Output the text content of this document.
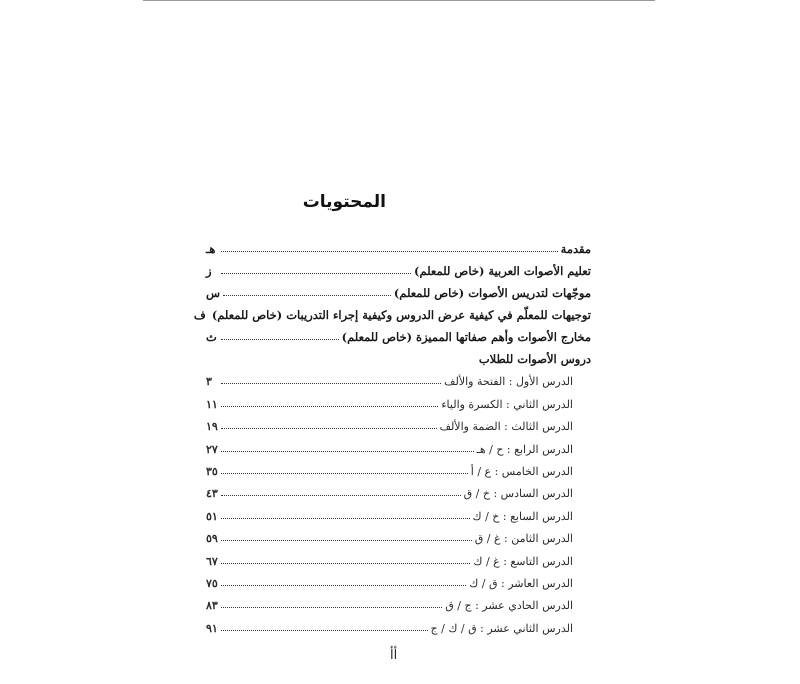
المحتويات
مقدمة
هـ
تعليم الأصوات العربية (خاص للمعلم)
ز
موجّهات لتدريس الأصوات (خاص للمعلم)
س
توجيهات للمعلّم في كيفية عرض الدروس وكيفية إجراء التدريبات (خاص للمعلم)
ف
مخارج الأصوات وأهم صفاتها المميزة (خاص للمعلم)
ث
دروس الأصوات للطلاب
الدرس الأول : الفتحة والألف
٣
الدرس الثاني : الكسرة والياء
١١
الدرس الثالث : الضمة والألف
١٩
الدرس الرابع : ح / هـ
٢٧
الدرس الخامس : ع / أ
٣٥
الدرس السادس : خ / ق
٤٣
الدرس السابع : خ / ك
٥١
الدرس الثامن : غ / ق
٥٩
الدرس التاسع : غ / ك
٦٧
الدرس العاشر : ق / ك
٧٥
الدرس الحادي عشر : ج / ق
٨٣
الدرس الثاني عشر : ق / ك / ج
٩١
أأ
